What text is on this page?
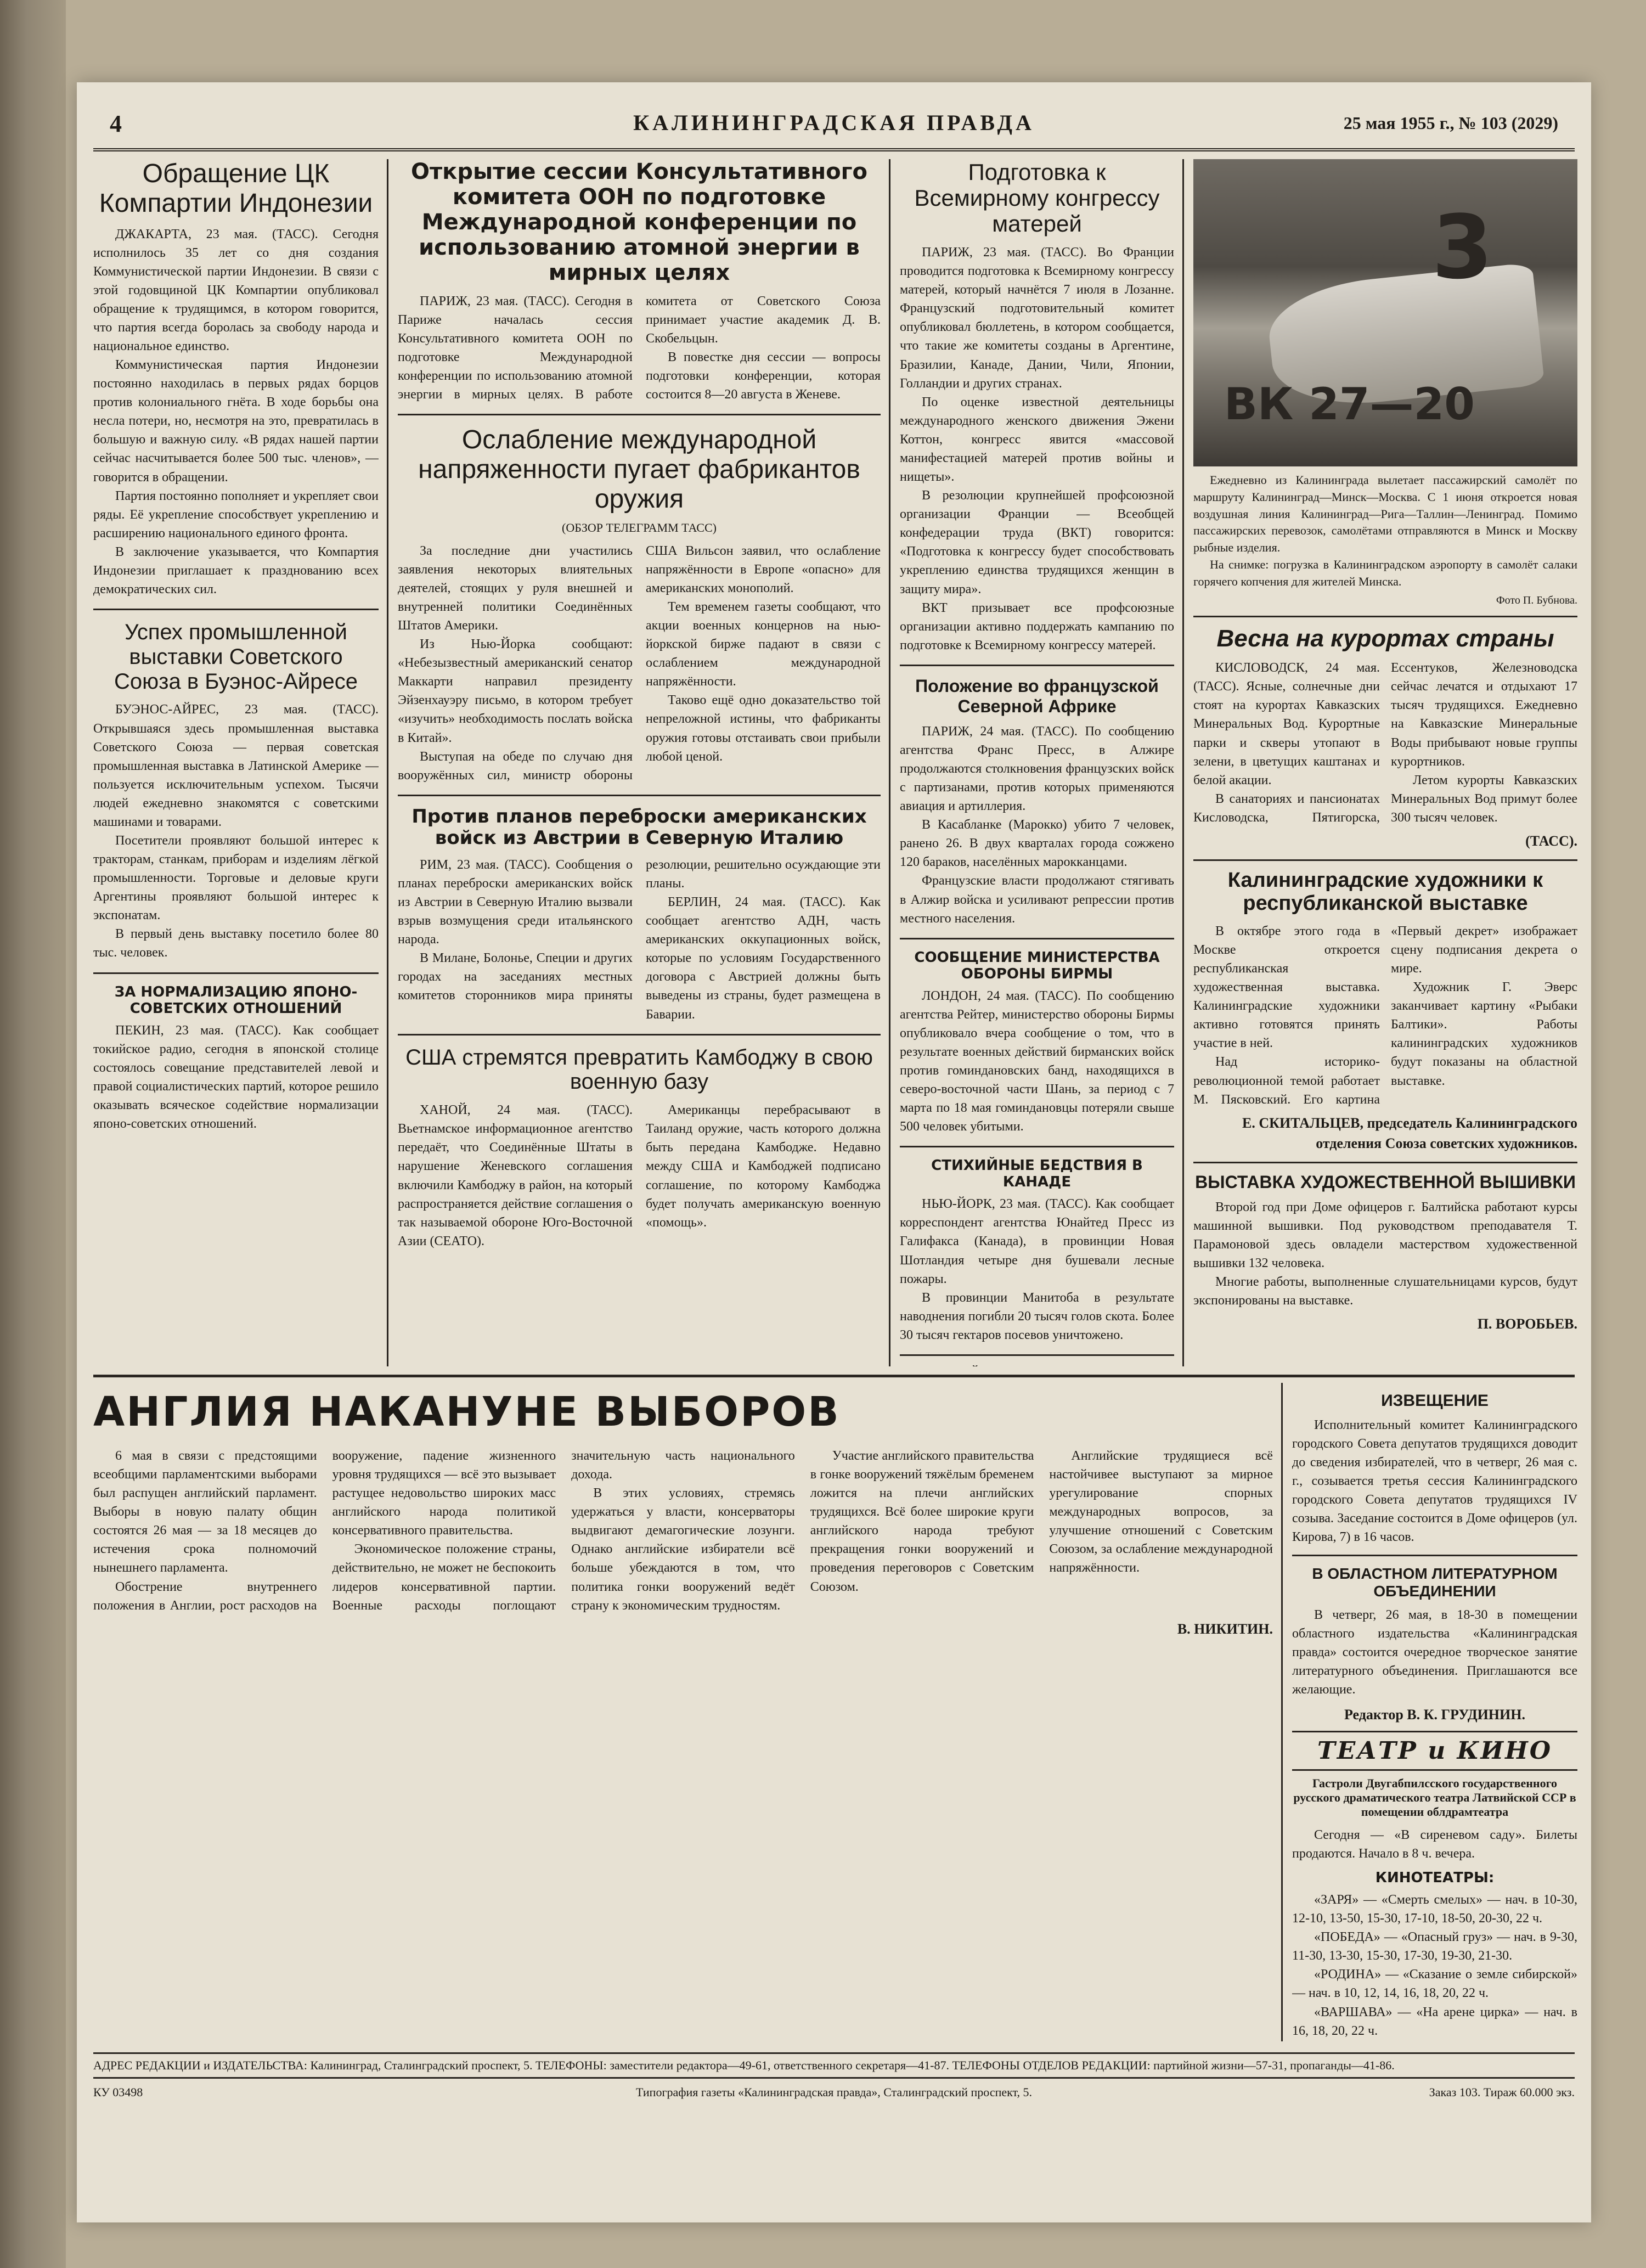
4	КАЛИНИНГРАДСКАЯ ПРАВДА	25 мая 1955 г., № 103 (2029)
Обращение ЦК Компартии Индонезии

ДЖАКАРТА, 23 мая. (ТАСС). Сегодня исполнилось 35 лет со дня создания Коммунистической партии Индонезии. В связи с этой годовщиной ЦК Компартии опубликовал обращение к трудящимся, в котором говорится, что партия всегда боролась за свободу народа и национальное единство.

Коммунистическая партия Индонезии постоянно находилась в первых рядах борцов против колониального гнёта. В ходе борьбы она несла потери, но, несмотря на это, превратилась в большую и важную силу. «В рядах нашей партии сейчас насчитывается более 500 тыс. членов», — говорится в обращении.

Партия постоянно пополняет и укрепляет свои ряды. Её укрепление способствует укреплению и расширению национального единого фронта.

В заключение указывается, что Компартия Индонезии приглашает к празднованию всех демократических сил.

Успех промышленной выставки Советского Союза в Буэнос-Айресе

БУЭНОС-АЙРЕС, 23 мая. (ТАСС). Открывшаяся здесь промышленная выставка Советского Союза — первая советская промышленная выставка в Латинской Америке — пользуется исключительным успехом. Тысячи людей ежедневно знакомятся с советскими машинами и товарами.

Посетители проявляют большой интерес к тракторам, станкам, приборам и изделиям лёгкой промышленности. Торговые и деловые круги Аргентины проявляют большой интерес к экспонатам.

В первый день выставку посетило более 80 тыс. человек.

ЗА НОРМАЛИЗАЦИЮ ЯПОНО-СОВЕТСКИХ ОТНОШЕНИЙ

ПЕКИН, 23 мая. (ТАСС). Как сообщает токийское радио, сегодня в японской столице состоялось совещание представителей левой и правой социалистических партий, которое решило оказывать всяческое содействие нормализации японо-советских отношений.

Открытие сессии Консультативного комитета ООН по подготовке Международной конференции по использованию атомной энергии в мирных целях

ПАРИЖ, 23 мая. (ТАСС). Сегодня в Париже началась сессия Консультативного комитета ООН по подготовке Международной конференции по использованию атомной энергии в мирных целях. В работе комитета от Советского Союза принимает участие академик Д. В. Скобельцын.

В повестке дня сессии — вопросы подготовки конференции, которая состоится 8—20 августа в Женеве.

Ослабление международной напряженности пугает фабрикантов оружия
(ОБЗОР ТЕЛЕГРАММ ТАСС)

За последние дни участились заявления некоторых влиятельных деятелей, стоящих у руля внешней и внутренней политики Соединённых Штатов Америки.

Из Нью-Йорка сообщают: «Небезызвестный американский сенатор Маккарти направил президенту Эйзенхауэру письмо, в котором требует «изучить» необходимость послать войска в Китай».

Выступая на обеде по случаю дня вооружённых сил, министр обороны США Вильсон заявил, что ослабление напряжённости в Европе «опасно» для американских монополий.

Тем временем газеты сообщают, что акции военных концернов на нью-йоркской бирже падают в связи с ослаблением международной напряжённости.

Таково ещё одно доказательство той непреложной истины, что фабриканты оружия готовы отстаивать свои прибыли любой ценой.

Против планов переброски американских войск из Австрии в Северную Италию

РИМ, 23 мая. (ТАСС). Сообщения о планах переброски американских войск из Австрии в Северную Италию вызвали взрыв возмущения среди итальянского народа.

В Милане, Болонье, Специи и других городах на заседаниях местных комитетов сторонников мира приняты резолюции, решительно осуждающие эти планы.

БЕРЛИН, 24 мая. (ТАСС). Как сообщает агентство АДН, часть американских оккупационных войск, которые по условиям Государственного договора с Австрией должны быть выведены из страны, будет размещена в Баварии.

США стремятся превратить Камбоджу в свою военную базу

ХАНОЙ, 24 мая. (ТАСС). Вьетнамское информационное агентство передаёт, что Соединённые Штаты в нарушение Женевского соглашения включили Камбоджу в район, на который распространяется действие соглашения о так называемой обороне Юго-Восточной Азии (СЕАТО).

Американцы перебрасывают в Таиланд оружие, часть которого должна быть передана Камбодже. Недавно между США и Камбоджей подписано соглашение, по которому Камбоджа будет получать американскую военную «помощь».

Подготовка к Всемирному конгрессу матерей

ПАРИЖ, 23 мая. (ТАСС). Во Франции проводится подготовка к Всемирному конгрессу матерей, который начнётся 7 июля в Лозанне. Французский подготовительный комитет опубликовал бюллетень, в котором сообщается, что такие же комитеты созданы в Аргентине, Бразилии, Канаде, Дании, Чили, Японии, Голландии и других странах.

По оценке известной деятельницы международного женского движения Эжени Коттон, конгресс явится «массовой манифестацией матерей против войны и нищеты».

В резолюции крупнейшей профсоюзной организации Франции — Всеобщей конфедерации труда (ВКТ) говорится: «Подготовка к конгрессу будет способствовать укреплению единства трудящихся женщин в защиту мира».

ВКТ призывает все профсоюзные организации активно поддержать кампанию по подготовке к Всемирному конгрессу матерей.

Положение во французской Северной Африке

ПАРИЖ, 24 мая. (ТАСС). По сообщению агентства Франс Пресс, в Алжире продолжаются столкновения французских войск с партизанами, против которых применяются авиация и артиллерия.

В Касабланке (Марокко) убито 7 человек, ранено 26. В двух кварталах города сожжено 120 бараков, населённых марокканцами.

Французские власти продолжают стягивать в Алжир войска и усиливают репрессии против местного населения.

СООБЩЕНИЕ МИНИСТЕРСТВА ОБОРОНЫ БИРМЫ

ЛОНДОН, 24 мая. (ТАСС). По сообщению агентства Рейтер, министерство обороны Бирмы опубликовало вчера сообщение о том, что в результате военных действий бирманских войск против гоминдановских банд, находящихся в северо-восточной части Шань, за период с 7 марта по 18 мая гоминдановцы потеряли свыше 500 человек убитыми.

СТИХИЙНЫЕ БЕДСТВИЯ В КАНАДЕ

НЬЮ-ЙОРК, 23 мая. (ТАСС). Как сообщает корреспондент агентства Юнайтед Пресс из Галифакса (Канада), в провинции Новая Шотландия четыре дня бушевали лесные пожары.

В провинции Манитоба в результате наводнения погибли 20 тысяч голов скота. Более 30 тысяч гектаров посевов уничтожено.

3
ВК 27—20

Ежедневно из Калининграда вылетает пассажирский самолёт по маршруту Калининград—Минск—Москва. С 1 июня откроется новая воздушная линия Калининград—Рига—Таллин—Ленинград. Помимо пассажирских перевозок, самолётами отправляются в Минск и Москву рыбные изделия.

На снимке: погрузка в Калининградском аэропорту в самолёт салаки горячего копчения для жителей Минска.

Фото П. Бубнова.

Весна на курортах страны

КИСЛОВОДСК, 24 мая. (ТАСС). Ясные, солнечные дни стоят на курортах Кавказских Минеральных Вод. Курортные парки и скверы утопают в зелени, в цветущих каштанах и белой акации.

В санаториях и пансионатах Кисловодска, Пятигорска, Ессентуков, Железноводска сейчас лечатся и отдыхают 17 тысяч трудящихся. Ежедневно на Кавказские Минеральные Воды прибывают новые группы курортников.

Летом курорты Кавказских Минеральных Вод примут более 300 тысяч человек.

(ТАСС).

Калининградские художники к республиканской выставке

В октябре этого года в Москве откроется республиканская художественная выставка. Калининградские художники активно готовятся принять участие в ней.

Над историко-революционной темой работает М. Пясковский. Его картина «Первый декрет» изображает сцену подписания декрета о мире.

Художник Г. Эверс заканчивает картину «Рыбаки Балтики». Работы калининградских художников будут показаны на областной выставке.

Е. СКИТАЛЬЦЕВ, председатель Калининградского отделения Союза советских художников.

ВЫСТАВКА ХУДОЖЕСТВЕННОЙ ВЫШИВКИ

Второй год при Доме офицеров г. Балтийска работают курсы машинной вышивки. Под руководством преподавателя Т. Парамоновой здесь овладели мастерством художественной вышивки 132 человека.

Многие работы, выполненные слушательницами курсов, будут экспонированы на выставке.

П. ВОРОБЬЕВ.

АНГЛИЯ НАКАНУНЕ ВЫБОРОВ

6 мая в связи с предстоящими всеобщими парламентскими выборами был распущен английский парламент. Выборы в новую палату общин состоятся 26 мая — за 18 месяцев до истечения срока полномочий нынешнего парламента.

Обострение внутреннего положения в Англии, рост расходов на вооружение, падение жизненного уровня трудящихся — всё это вызывает растущее недовольство широких масс английского народа политикой консервативного правительства.

Экономическое положение страны, действительно, не может не беспокоить лидеров консервативной партии. Военные расходы поглощают значительную часть национального дохода.

В этих условиях, стремясь удержаться у власти, консерваторы выдвигают демагогические лозунги. Однако английские избиратели всё больше убеждаются в том, что политика гонки вооружений ведёт страну к экономическим трудностям.

Участие английского правительства в гонке вооружений тяжёлым бременем ложится на плечи английских трудящихся. Всё более широкие круги английского народа требуют прекращения гонки вооружений и проведения переговоров с Советским Союзом.

Английские трудящиеся всё настойчивее выступают за мирное урегулирование спорных международных вопросов, за улучшение отношений с Советским Союзом, за ослабление международной напряжённости.

В. НИКИТИН.

ИЗВЕЩЕНИЕ

Исполнительный комитет Калининградского городского Совета депутатов трудящихся доводит до сведения избирателей, что в четверг, 26 мая с. г., созывается третья сессия Калининградского городского Совета депутатов трудящихся IV созыва. Заседание состоится в Доме офицеров (ул. Кирова, 7) в 16 часов.

В ОБЛАСТНОМ ЛИТЕРАТУРНОМ ОБЪЕДИНЕНИИ

В четверг, 26 мая, в 18-30 в помещении областного издательства «Калининградская правда» состоится очередное творческое занятие литературного объединения. Приглашаются все желающие.

Редактор В. К. ГРУДИНИН.
ТЕАТР и КИНО
Гастроли Двугабпилсского государственного русского драматического театра Латвийской ССР в помещении облдрамтеатра

Сегодня — «В сиреневом саду». Билеты продаются. Начало в 8 ч. вечера.

КИНОТЕАТРЫ:

«ЗАРЯ» — «Смерть смелых» — нач. в 10-30, 12-10, 13-50, 15-30, 17-10, 18-50, 20-30, 22 ч.

«ПОБЕДА» — «Опасный груз» — нач. в 9-30, 11-30, 13-30, 15-30, 17-30, 19-30, 21-30.

«РОДИНА» — «Сказание о земле сибирской» — нач. в 10, 12, 14, 16, 18, 20, 22 ч.

«ВАРШАВА» — «На арене цирка» — нач. в 16, 18, 20, 22 ч.

АДРЕС РЕДАКЦИИ и ИЗДАТЕЛЬСТВА: Калининград, Сталинградский проспект, 5. ТЕЛЕФОНЫ: заместители редактора—49-61, ответственного секретаря—41-87. ТЕЛЕФОНЫ ОТДЕЛОВ РЕДАКЦИИ: партийной жизни—57-31, пропаганды—41-86.
КУ 03498	Типография газеты «Калининградская правда», Сталинградский проспект, 5.	Заказ 103. Тираж 60.000 экз.
